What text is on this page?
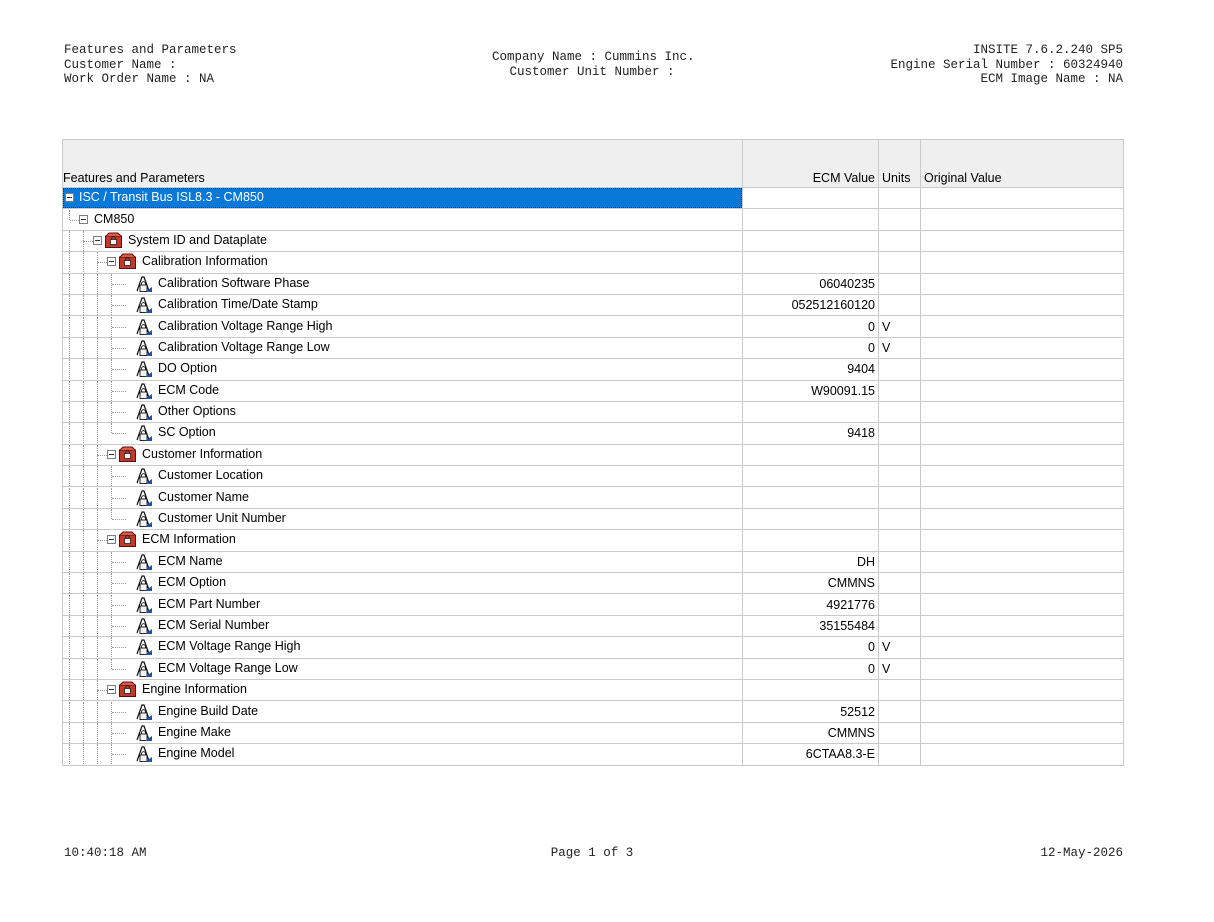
Features and Parameters
Customer Name :
Work Order Name : NA
Company Name : Cummins Inc.
Customer Unit Number :
INSITE 7.6.2.240 SP5
Engine Serial Number : 60324940
ECM Image Name : NA
Features and Parameters	ECM Value	Units	Original Value

ISC / Transit Bus ISL8.3 - CM850			

CM850			

System ID and Dataplate			

Calibration Information			

Calibration Software Phase	06040235		

Calibration Time/Date Stamp	052512160120		

Calibration Voltage Range High	0	V	

Calibration Voltage Range Low	0	V	

DO Option	9404		

ECM Code	W90091.15		

Other Options			

SC Option	9418		

Customer Information			

Customer Location			

Customer Name			

Customer Unit Number			

ECM Information			

ECM Name	DH		

ECM Option	CMMNS		

ECM Part Number	4921776		

ECM Serial Number	35155484		

ECM Voltage Range High	0	V	

ECM Voltage Range Low	0	V	

Engine Information			

Engine Build Date	52512		

Engine Make	CMMNS		

Engine Model	6CTAA8.3-E		
10:40:18 AM	Page 1 of 3	12-May-2026
